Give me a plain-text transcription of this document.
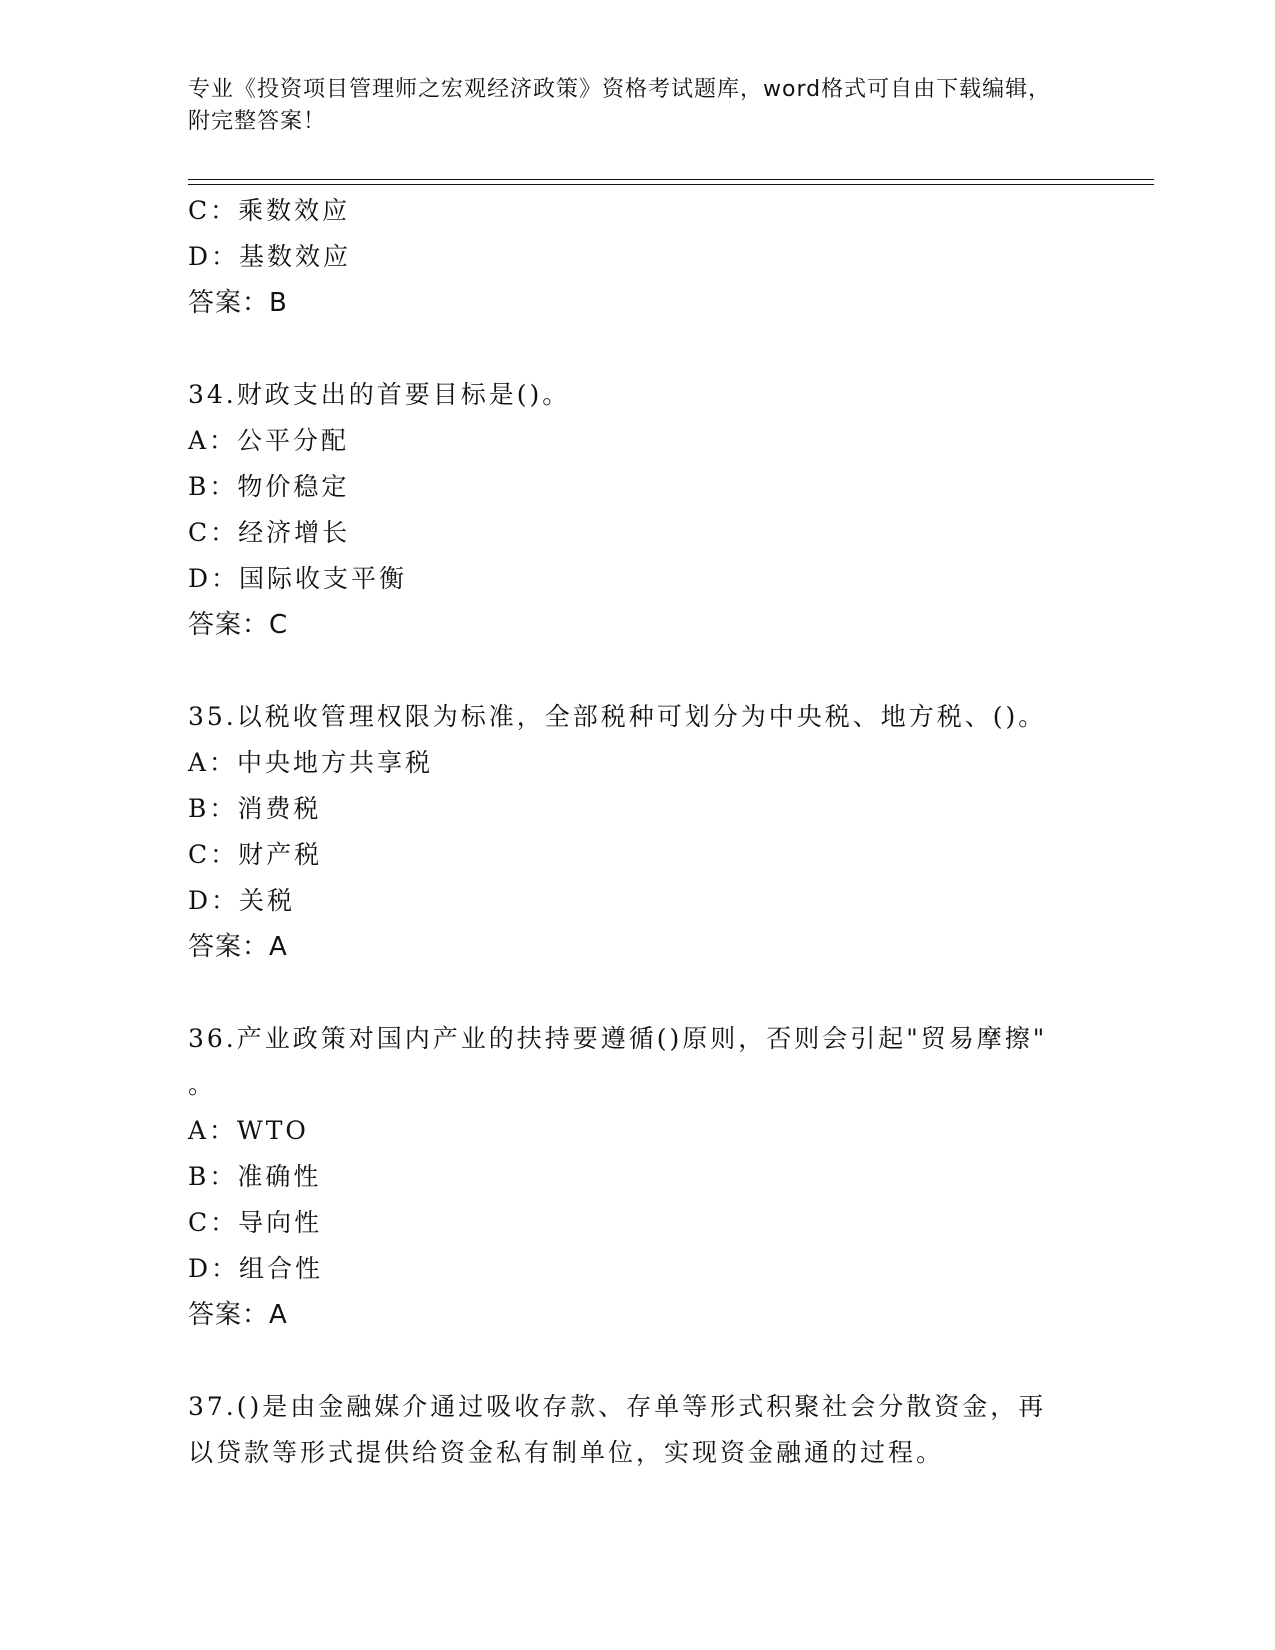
专业《投资项目管理师之宏观经济政策》资格考试题库，word格式可自由下载编辑，附完整答案！
C：乘数效应
D：基数效应
答案：B
34.财政支出的首要目标是()。
A：公平分配
B：物价稳定
C：经济增长
D：国际收支平衡
答案：C
35.以税收管理权限为标准，全部税种可划分为中央税、地方税、()。
A：中央地方共享税
B：消费税
C：财产税
D：关税
答案：A
36.产业政策对国内产业的扶持要遵循()原则，否则会引起"贸易摩擦"
。
A：WTO
B：准确性
C：导向性
D：组合性
答案：A
37.()是由金融媒介通过吸收存款、存单等形式积聚社会分散资金，再
以贷款等形式提供给资金私有制单位，实现资金融通的过程。
